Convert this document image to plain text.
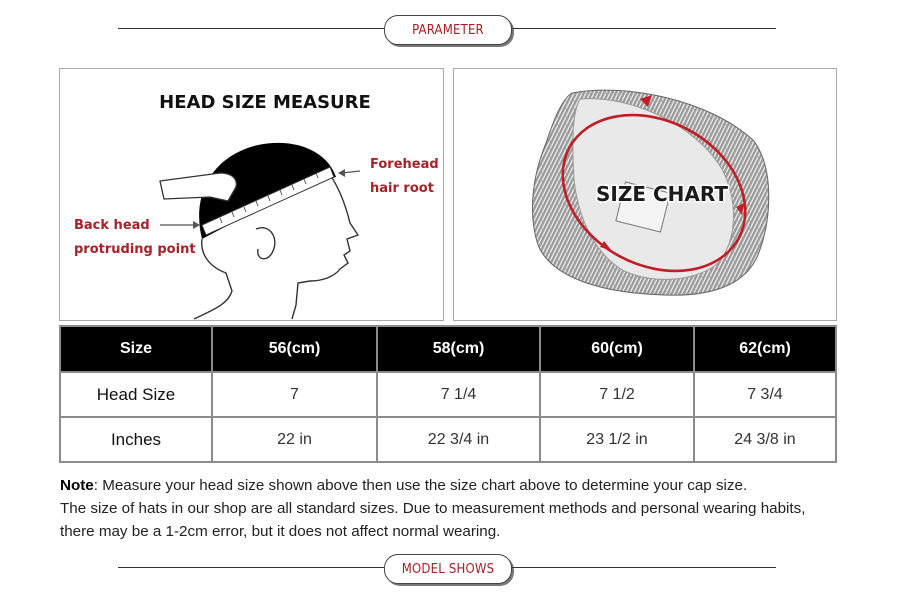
PARAMETER
HEAD SIZE MEASURE
Forehead
hair root
Back head
protruding point
SIZE CHART
Size	56(cm)	58(cm)	60(cm)	62(cm)
Head Size	7	7 1/4	7 1/2	7 3/4
Inches	22 in	22 3/4 in	23 1/2 in	24 3/8 in

Note: Measure your head size shown above then use the size chart above to determine your cap size.

The size of hats in our shop are all standard sizes. Due to measurement methods and personal wearing habits,

there may be a 1-2cm error, but it does not affect normal wearing.

MODEL SHOWS
